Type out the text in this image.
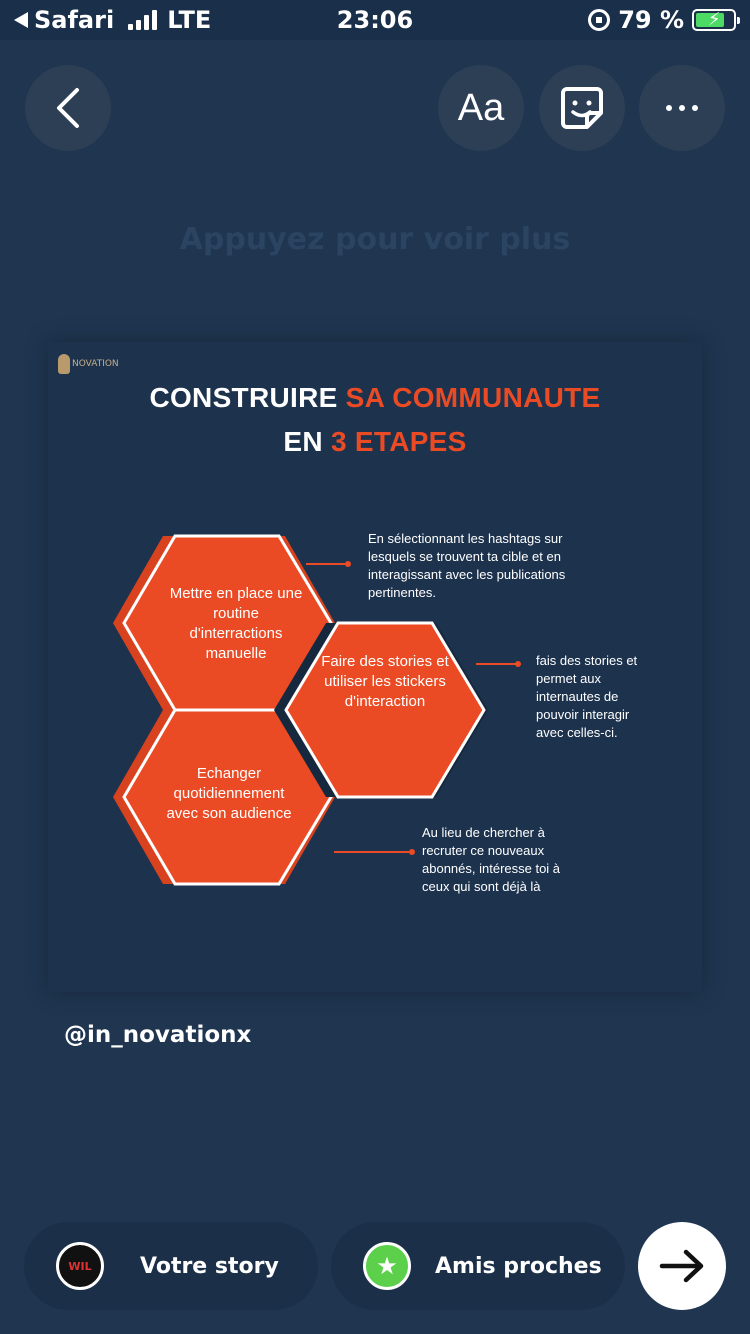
Safari LTE	23:06	79 % ⚡
Aa
Appuyez pour voir plus
NOVATION
CONSTRUIRE SA COMMUNAUTE
EN 3 ETAPES
Mettre en place une routine d'interractions manuelle	Faire des stories et utiliser les stickers d'interaction
Echanger quotidiennement avec son audience
En sélectionnant les hashtags sur lesquels se trouvent ta cible et en interagissant avec les publications pertinentes.
fais des stories et permet aux internautes de pouvoir interagir avec celles-ci.
Au lieu de chercher à recruter ce nouveaux abonnés, intéresse toi à ceux qui sont déjà là
@in_novationx
WIL Votre story	★	Amis proches
